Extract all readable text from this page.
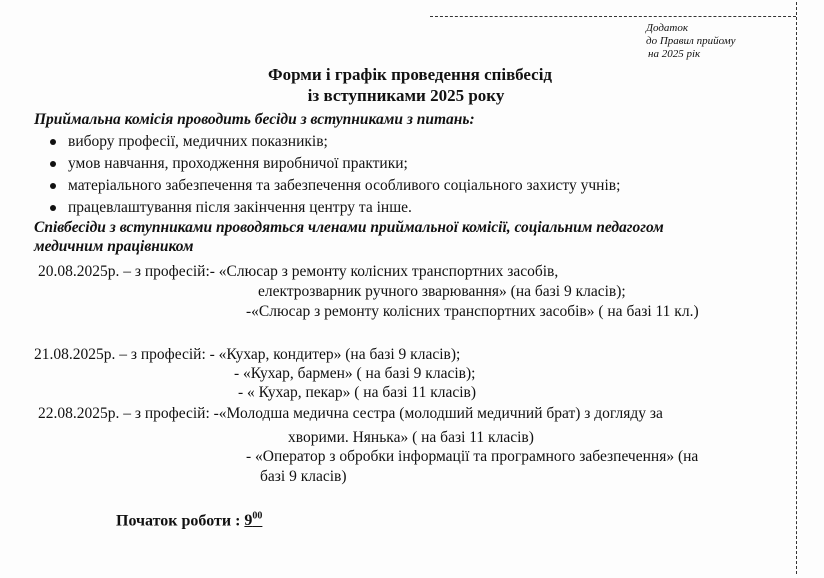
Додаток
до Правил прийому
на 2025 рік
Форми і графік проведення співбесід
із вступниками 2025 року
Приймальна комісія проводить бесіди з вступниками з питань:
вибору професії, медичних показників;
умов навчання, проходження виробничої практики;
матеріального забезпечення та забезпечення особливого соціального захисту учнів;
працевлаштування після закінчення центру та інше.
Співбесіди з вступниками проводяться членами приймальної комісії, соціальним педагогом
медичним працівником
20.08.2025р. – з професій:- «Слюсар з ремонту колісних транспортних засобів,
електрозварник ручного зварювання» (на базі 9 класів);
-«Слюсар з ремонту колісних транспортних засобів» ( на базі 11 кл.)
21.08.2025р. – з професій: - «Кухар, кондитер» (на базі 9 класів);
- «Кухар, бармен» ( на базі 9 класів);
- « Кухар, пекар» ( на базі 11 класів)
22.08.2025р. – з професій: -«Молодша медична сестра (молодший медичний брат) з догляду за
хворими. Нянька» ( на базі 11 класів)
- «Оператор з обробки інформації та програмного забезпечення» (на
базі 9 класів)
Початок роботи : $9^{00}$
